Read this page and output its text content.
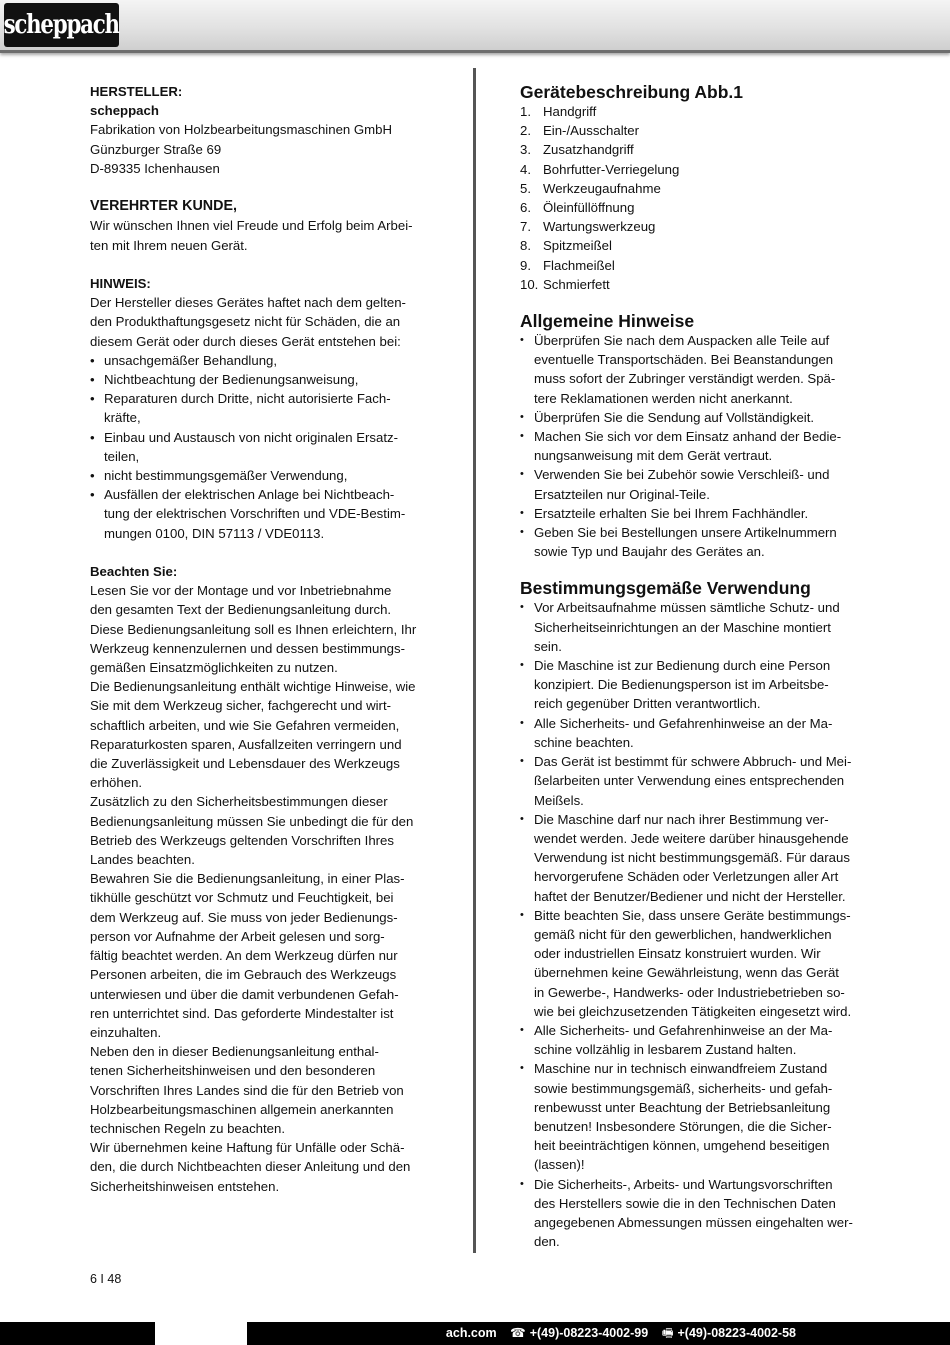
scheppach

HERSTELLER:

scheppach

Fabrikation von Holzbearbeitungsmaschinen GmbH

Günzburger Straße 69

D-89335 Ichenhausen

VEREHRTER KUNDE,

Wir wünschen Ihnen viel Freude und Erfolg beim Arbei-
ten mit Ihrem neuen Gerät.

HINWEIS:

Der Hersteller dieses Gerätes haftet nach dem gelten-
den Produkthaftungsgesetz nicht für Schäden, die an
diesem Gerät oder durch dieses Gerät entstehen bei:
• unsachgemäßer Behandlung,
• Nichtbeachtung der Bedienungsanweisung,
• Reparaturen durch Dritte, nicht autorisierte Fach-
kräfte,
• Einbau und Austausch von nicht originalen Ersatz-
teilen,
• nicht bestimmungsgemäßer Verwendung,
• Ausfällen der elektrischen Anlage bei Nichtbeach-
tung der elektrischen Vorschriften und VDE-Bestim-
mungen 0100, DIN 57113 / VDE0113.

Beachten Sie:

Lesen Sie vor der Montage und vor Inbetriebnahme
den gesamten Text der Bedienungsanleitung durch.
Diese Bedienungsanleitung soll es Ihnen erleichtern, Ihr
Werkzeug kennenzulernen und dessen bestimmungs-
gemäßen Einsatzmöglichkeiten zu nutzen.
Die Bedienungsanleitung enthält wichtige Hinweise, wie
Sie mit dem Werkzeug sicher, fachgerecht und wirt-
schaftlich arbeiten, und wie Sie Gefahren vermeiden,
Reparaturkosten sparen, Ausfallzeiten verringern und
die Zuverlässigkeit und Lebensdauer des Werkzeugs
erhöhen.
Zusätzlich zu den Sicherheitsbestimmungen dieser
Bedienungsanleitung müssen Sie unbedingt die für den
Betrieb des Werkzeugs geltenden Vorschriften Ihres
Landes beachten.
Bewahren Sie die Bedienungsanleitung, in einer Plas-
tikhülle geschützt vor Schmutz und Feuchtigkeit, bei
dem Werkzeug auf. Sie muss von jeder Bedienungs-
person vor Aufnahme der Arbeit gelesen und sorg-
fältig beachtet werden. An dem Werkzeug dürfen nur
Personen arbeiten, die im Gebrauch des Werkzeugs
unterwiesen und über die damit verbundenen Gefah-
ren unterrichtet sind. Das geforderte Mindestalter ist
einzuhalten.
Neben den in dieser Bedienungsanleitung enthal-
tenen Sicherheitshinweisen und den besonderen
Vorschriften Ihres Landes sind die für den Betrieb von
Holzbearbeitungsmaschinen allgemein anerkannten
technischen Regeln zu beachten.
Wir übernehmen keine Haftung für Unfälle oder Schä-
den, die durch Nichtbeachten dieser Anleitung und den
Sicherheitshinweisen entstehen.

Gerätebeschreibung Abb.1

1. Handgriff
2. Ein-/Ausschalter
3. Zusatzhandgriff
4. Bohrfutter-Verriegelung
5. Werkzeugaufnahme
6. Öleinfüllöffnung
7. Wartungswerkzeug
8. Spitzmeißel
9. Flachmeißel
10. Schmierfett

Allgemeine Hinweise

• Überprüfen Sie nach dem Auspacken alle Teile auf
eventuelle Transportschäden. Bei Beanstandungen
muss sofort der Zubringer verständigt werden. Spä-
tere Reklamationen werden nicht anerkannt.
• Überprüfen Sie die Sendung auf Vollständigkeit.
• Machen Sie sich vor dem Einsatz anhand der Bedie-
nungsanweisung mit dem Gerät vertraut.
• Verwenden Sie bei Zubehör sowie Verschleiß- und
Ersatzteilen nur Original-Teile.
• Ersatzteile erhalten Sie bei Ihrem Fachhändler.
• Geben Sie bei Bestellungen unsere Artikelnummern
sowie Typ und Baujahr des Gerätes an.

Bestimmungsgemäße Verwendung

• Vor Arbeitsaufnahme müssen sämtliche Schutz- und
Sicherheitseinrichtungen an der Maschine montiert
sein.
• Die Maschine ist zur Bedienung durch eine Person
konzipiert. Die Bedienungsperson ist im Arbeitsbe-
reich gegenüber Dritten verantwortlich.
• Alle Sicherheits- und Gefahrenhinweise an der Ma-
schine beachten.
• Das Gerät ist bestimmt für schwere Abbruch- und Mei-
ßelarbeiten unter Verwendung eines entsprechenden
Meißels.
• Die Maschine darf nur nach ihrer Bestimmung ver-
wendet werden. Jede weitere darüber hinausgehende
Verwendung ist nicht bestimmungsgemäß. Für daraus
hervorgerufene Schäden oder Verletzungen aller Art
haftet der Benutzer/Bediener und nicht der Hersteller.
• Bitte beachten Sie, dass unsere Geräte bestimmungs-
gemäß nicht für den gewerblichen, handwerklichen
oder industriellen Einsatz konstruiert wurden. Wir
übernehmen keine Gewährleistung, wenn das Gerät
in Gewerbe-, Handwerks- oder Industriebetrieben so-
wie bei gleichzusetzenden Tätigkeiten eingesetzt wird.
• Alle Sicherheits- und Gefahrenhinweise an der Ma-
schine vollzählig in lesbarem Zustand halten.
• Maschine nur in technisch einwandfreiem Zustand
sowie bestimmungsgemäß, sicherheits- und gefah-
renbewusst unter Beachtung der Betriebsanleitung
benutzen! Insbesondere Störungen, die die Sicher-
heit beeinträchtigen können, umgehend beseitigen
(lassen)!
• Die Sicherheits-, Arbeits- und Wartungsvorschriften
des Herstellers sowie die in den Technischen Daten
angegebenen Abmessungen müssen eingehalten wer-
den.
6 I 48
ach.com ☎ +(49)-08223-4002-99 🖷 +(49)-08223-4002-58
